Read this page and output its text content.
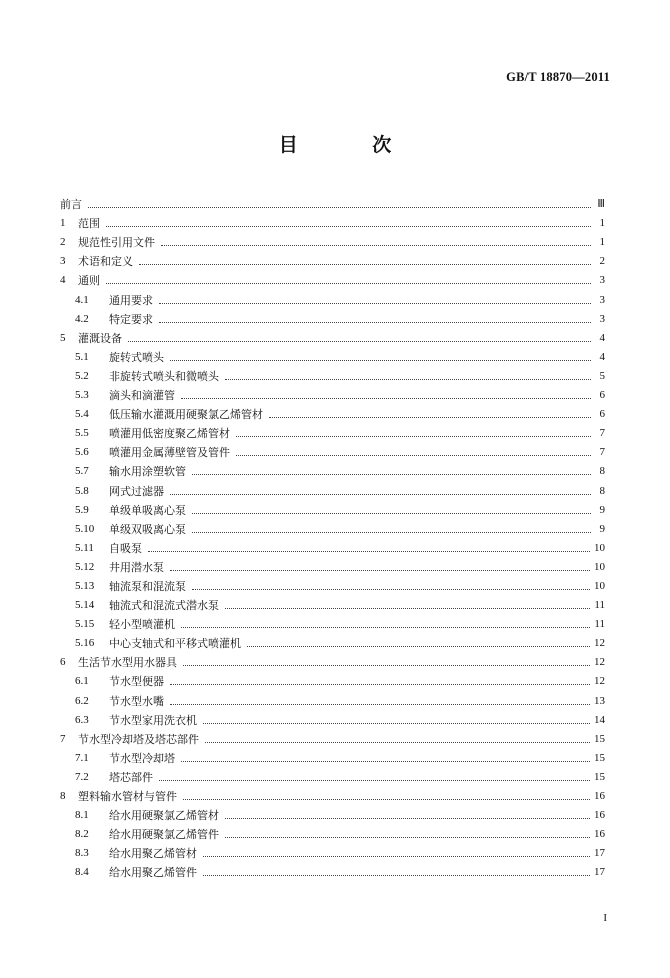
GB/T 18870—2011
目 次
前言	Ⅲ
1	范围	1
2	规范性引用文件	1
3	术语和定义	2
4	通则	3
4.1	通用要求	3
4.2	特定要求	3
5	灌溉设备	4
5.1	旋转式喷头	4
5.2	非旋转式喷头和微喷头	5
5.3	滴头和滴灌管	6
5.4	低压输水灌溉用硬聚氯乙烯管材	6
5.5	喷灌用低密度聚乙烯管材	7
5.6	喷灌用金属薄壁管及管件	7
5.7	输水用涂塑软管	8
5.8	网式过滤器	8
5.9	单级单吸离心泵	9
5.10	单级双吸离心泵	9
5.11	自吸泵	10
5.12	井用潜水泵	10
5.13	轴流泵和混流泵	10
5.14	轴流式和混流式潜水泵	11
5.15	轻小型喷灌机	11
5.16	中心支轴式和平移式喷灌机	12
6	生活节水型用水器具	12
6.1	节水型便器	12
6.2	节水型水嘴	13
6.3	节水型家用洗衣机	14
7	节水型冷却塔及塔芯部件	15
7.1	节水型冷却塔	15
7.2	塔芯部件	15
8	塑料输水管材与管件	16
8.1	给水用硬聚氯乙烯管材	16
8.2	给水用硬聚氯乙烯管件	16
8.3	给水用聚乙烯管材	17
8.4	给水用聚乙烯管件	17
I
